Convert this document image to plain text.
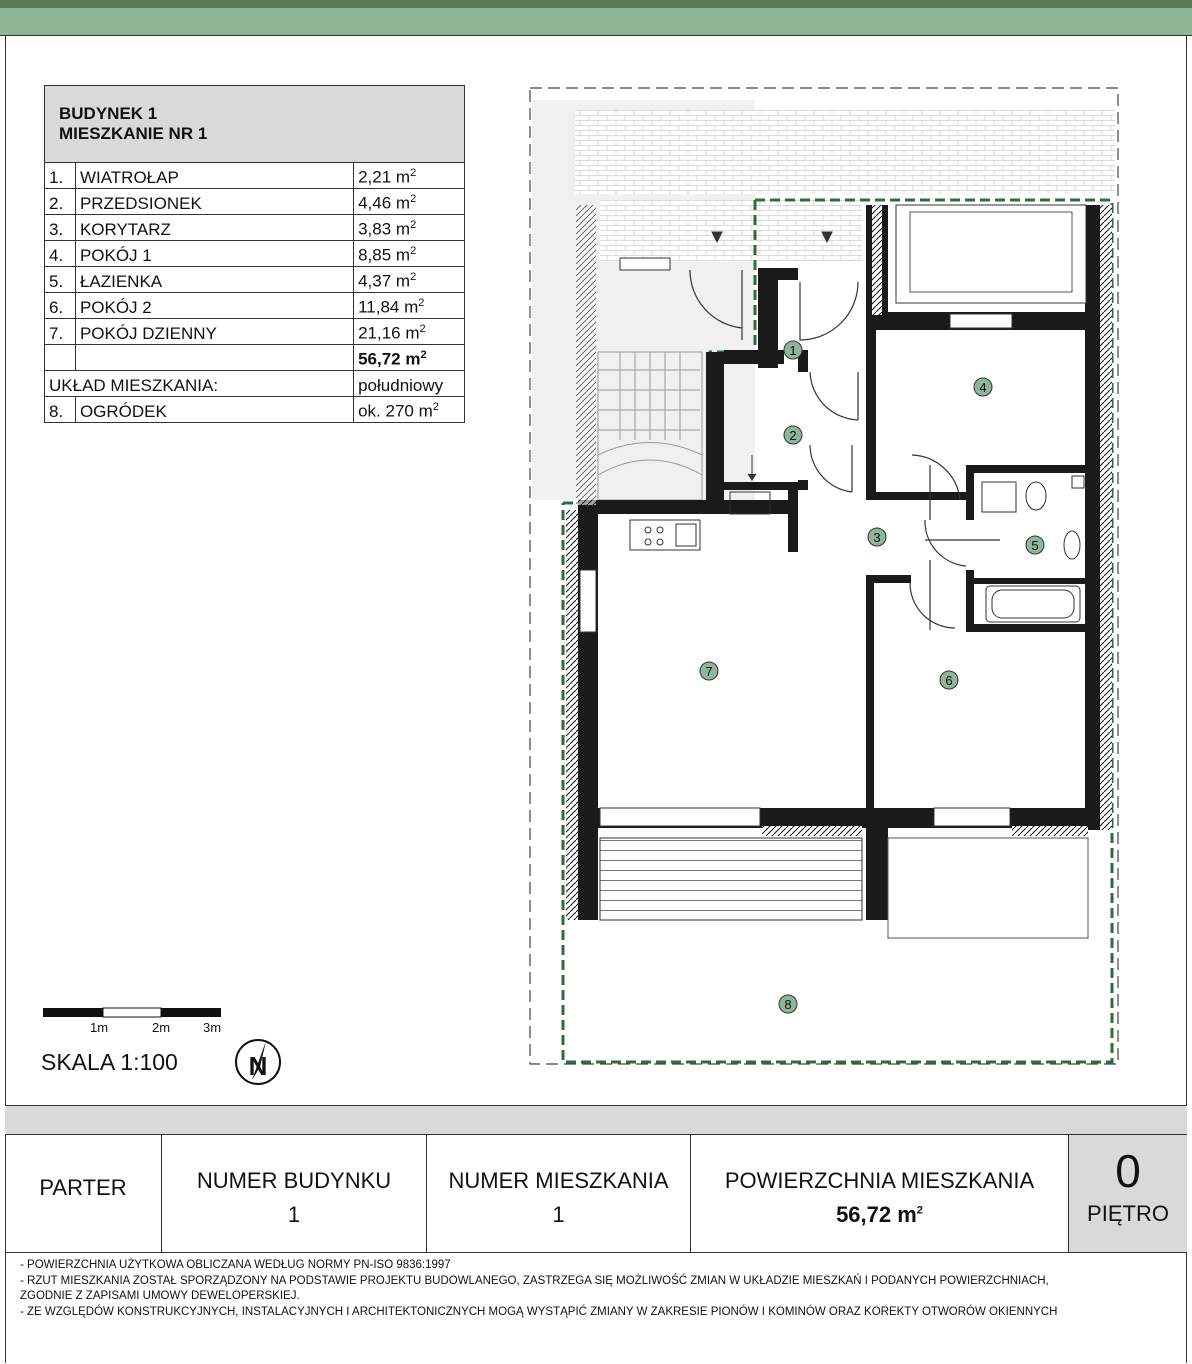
BUDYNEK 1
MIESZKANIE NR 1		

1.	WIATROŁAP	2,21 $m^2$
2.	PRZEDSIONEK	4,46 $m^2$
3.	KORYTARZ	3,83 $m^2$
4.	POKÓJ 1	8,85 $m^2$
5.	ŁAZIENKA	4,37 $m^2$
6.	POKÓJ 2	11,84 $m^2$
7.	POKÓJ DZIENNY	21,16 $m^2$
		56,72 $m^2$
UKŁAD MIESZKANIA:		południowy
8.	OGRÓDEK	ok. 270 $m^2$
1m	2m	3m
SKALA 1:100	N
1
2
3
4
5
6
7
8
PARTER	NUMER BUDYNKU
1
NUMER MIESZKANIA
1
POWIERZCHNIA MIESZKANIA
56,72 $m^2$
0
PIĘTRO
- POWIERZCHNIA UŻYTKOWA OBLICZANA WEDŁUG NORMY PN-ISO 9836:1997
- RZUT MIESZKANIA ZOSTAŁ SPORZĄDZONY NA PODSTAWIE PROJEKTU BUDOWLANEGO, ZASTRZEGA SIĘ MOŻLIWOŚĆ ZMIAN W UKŁADZIE MIESZKAŃ I PODANYCH POWIERZCHNIACH,
ZGODNIE Z ZAPISAMI UMOWY DEWELOPERSKIEJ.
- ZE WZGLĘDÓW KONSTRUKCYJNYCH, INSTALACYJNYCH I ARCHITEKTONICZNYCH MOGĄ WYSTĄPIĆ ZMIANY W ZAKRESIE PIONÓW I KOMINÓW ORAZ KOREKTY OTWORÓW OKIENNYCH
